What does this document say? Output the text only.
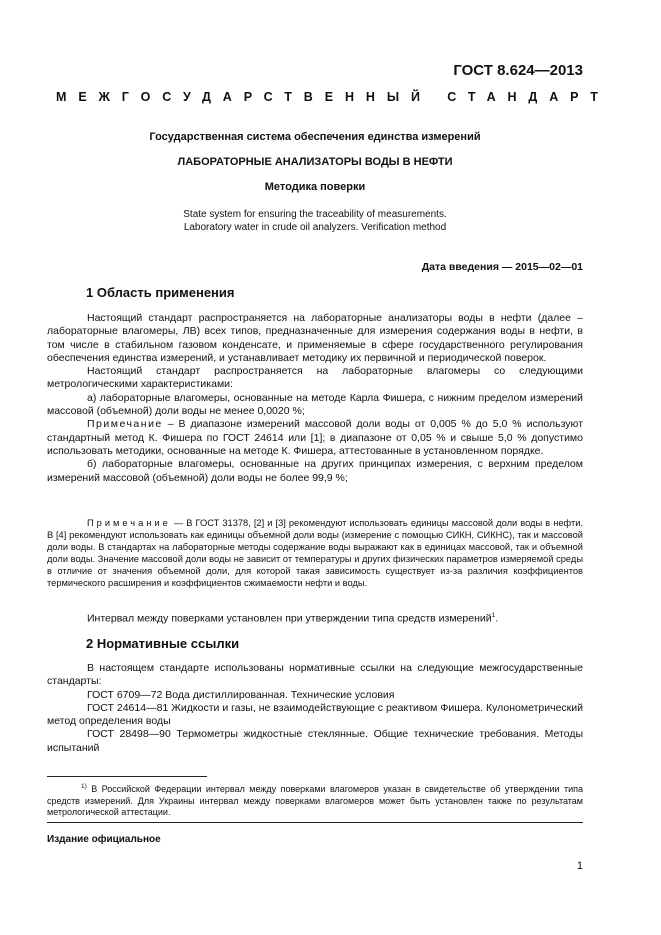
ГОСТ 8.624—2013
МЕЖГОСУДАРСТВЕННЫЙ СТАНДАРТ
Государственная система обеспечения единства измерений
ЛАБОРАТОРНЫЕ АНАЛИЗАТОРЫ ВОДЫ В НЕФТИ
Методика поверки
State system for ensuring the traceability of measurements.
Laboratory water in crude oil analyzers. Verification method
Дата введения — 2015—02—01
1 Область применения

Настоящий стандарт распространяется на лабораторные анализаторы воды в нефти (далее – лабораторные влагомеры, ЛВ) всех типов, предназначенные для измерения содержания воды в нефти, в том числе в стабильном газовом конденсате, и применяемые в сфере государственного регулирования обеспечения единства измерений, и устанавливает методику их первичной и периодической поверок.

Настоящий стандарт распространяется на лабораторные влагомеры со следующими метрологическими характеристиками:

а) лабораторные влагомеры, основанные на методе Карла Фишера, с нижним пределом измерений массовой (объемной) доли воды не менее 0,0020 %;

Примечание – В диапазоне измерений массовой доли воды от 0,005 % до 5,0 % используют стандартный метод К. Фишера по ГОСТ 24614 или [1]; в диапазоне от 0,05 % и свыше 5,0 % допустимо использовать методики, основанные на методе К. Фишера, аттестованные в установленном порядке.

б) лабораторные влагомеры, основанные на других принципах измерения, с верхним пределом измерений массовой (объемной) доли воды не более 99,9 %;

Примечание — В ГОСТ 31378, [2] и [3] рекомендуют использовать единицы массовой доли воды в нефти. В [4] рекомендуют использовать как единицы объемной доли воды (измерение с помощью СИКН, СИКНС), так и массовой доли воды. В стандартах на лабораторные методы содержание воды выражают как в единицах массовой, так и объемной доли воды. Значение массовой доли воды не зависит от температуры и других физических параметров измеряемой среды в отличие от значения объемной доли, для которой такая зависимость существует из-за различия коэффициентов термического расширения и коэффициентов сжимаемости нефти и воды.

Интервал между поверками установлен при утверждении типа средств измерений$^1$.

2 Нормативные ссылки

В настоящем стандарте использованы нормативные ссылки на следующие межгосударственные стандарты:

ГОСТ 6709—72 Вода дистиллированная. Технические условия

ГОСТ 24614—81 Жидкости и газы, не взаимодействующие с реактивом Фишера. Кулонометрический метод определения воды

ГОСТ 28498—90 Термометры жидкостные стеклянные. Общие технические требования. Методы испытаний

$^{1)}$ В Российской Федерации интервал между поверками влагомеров указан в свидетельстве об утверждении типа средств измерений. Для Украины интервал между поверками влагомеров может быть установлен также по результатам метрологической аттестации.

Издание официальное
1
